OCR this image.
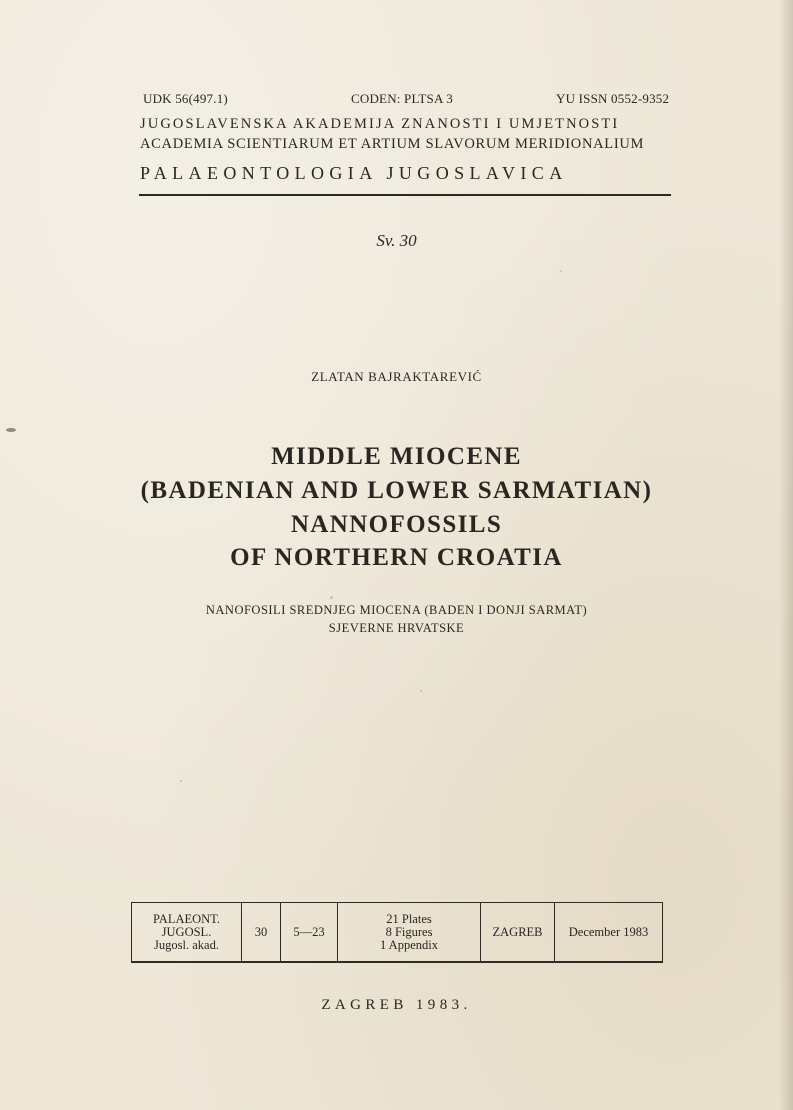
UDK 56(497.1)	CODEN: PLTSA 3	YU ISSN 0552-9352
JUGOSLAVENSKA AKADEMIJA ZNANOSTI I UMJETNOSTI
ACADEMIA SCIENTIARUM ET ARTIUM SLAVORUM MERIDIONALIUM
PALAEONTOLOGIA JUGOSLAVICA
Sv. 30
ZLATAN BAJRAKTAREVIĆ
MIDDLE MIOCENE
(BADENIAN AND LOWER SARMATIAN)
NANNOFOSSILS
OF NORTHERN CROATIA
NANOFOSILI SREDNJEG MIOCENA (BADEN I DONJI SARMAT)
SJEVERNE HRVATSKE
PALAEONT.
JUGOSL.
Jugosl. akad.
30 5—23
21 Plates
8 Figures
1 Appendix
ZAGREB December 1983
ZAGREB 1983.
